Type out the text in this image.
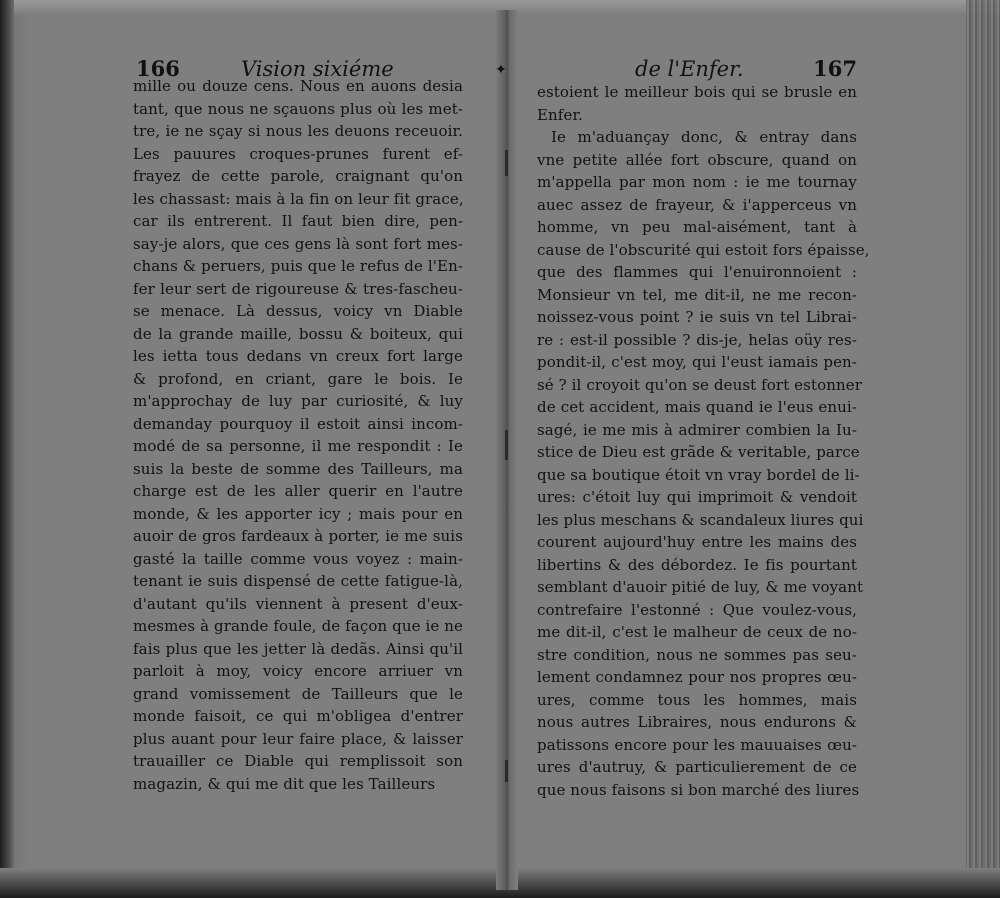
✦
166	Vision sixiéme
mille ou douze cens. Nous en auons desia
tant, que nous ne sçauons plus où les met-
tre, ie ne sçay si nous les deuons receuoir.
Les pauures croques-prunes furent ef-
frayez de cette parole, craignant qu'on
les chassast: mais à la fin on leur fit grace,
car ils entrerent. Il faut bien dire, pen-
say-je alors, que ces gens là sont fort mes-
chans & peruers, puis que le refus de l'En-
fer leur sert de rigoureuse & tres-fascheu-
se menace. Là dessus, voicy vn Diable
de la grande maille, bossu & boiteux, qui
les ietta tous dedans vn creux fort large
& profond, en criant, gare le bois. Ie
m'approchay de luy par curiosité, & luy
demanday pourquoy il estoit ainsi incom-
modé de sa personne, il me respondit : Ie
suis la beste de somme des Tailleurs, ma
charge est de les aller querir en l'autre
monde, & les apporter icy ; mais pour en
auoir de gros fardeaux à porter, ie me suis
gasté la taille comme vous voyez : main-
tenant ie suis dispensé de cette fatigue-là,
d'autant qu'ils viennent à present d'eux-
mesmes à grande foule, de façon que ie ne
fais plus que les jetter là dedãs. Ainsi qu'il
parloit à moy, voicy encore arriuer vn
grand vomissement de Tailleurs que le
monde faisoit, ce qui m'obligea d'entrer
plus auant pour leur faire place, & laisser
trauailler ce Diable qui remplissoit son
magazin, & qui me dit que les Tailleurs
de l'Enfer.	167
estoient le meilleur bois qui se brusle en
Enfer.
Ie m'aduançay donc, & entray dans
vne petite allée fort obscure, quand on
m'appella par mon nom : ie me tournay
auec assez de frayeur, & i'apperceus vn
homme, vn peu mal-aisément, tant à
cause de l'obscurité qui estoit fors épaisse,
que des flammes qui l'enuironnoient :
Monsieur vn tel, me dit-il, ne me recon-
noissez-vous point ? ie suis vn tel Librai-
re : est-il possible ? dis-je, helas oüy res-
pondit-il, c'est moy, qui l'eust iamais pen-
sé ? il croyoit qu'on se deust fort estonner
de cet accident, mais quand ie l'eus enui-
sagé, ie me mis à admirer combien la Iu-
stice de Dieu est grãde & veritable, parce
que sa boutique étoit vn vray bordel de li-
ures: c'étoit luy qui imprimoit & vendoit
les plus meschans & scandaleux liures qui
courent aujourd'huy entre les mains des
libertins & des débordez. Ie fis pourtant
semblant d'auoir pitié de luy, & me voyant
contrefaire l'estonné : Que voulez-vous,
me dit-il, c'est le malheur de ceux de no-
stre condition, nous ne sommes pas seu-
lement condamnez pour nos propres œu-
ures, comme tous les hommes, mais
nous autres Libraires, nous endurons &
patissons encore pour les mauuaises œu-
ures d'autruy, & particulierement de ce
que nous faisons si bon marché des liures
